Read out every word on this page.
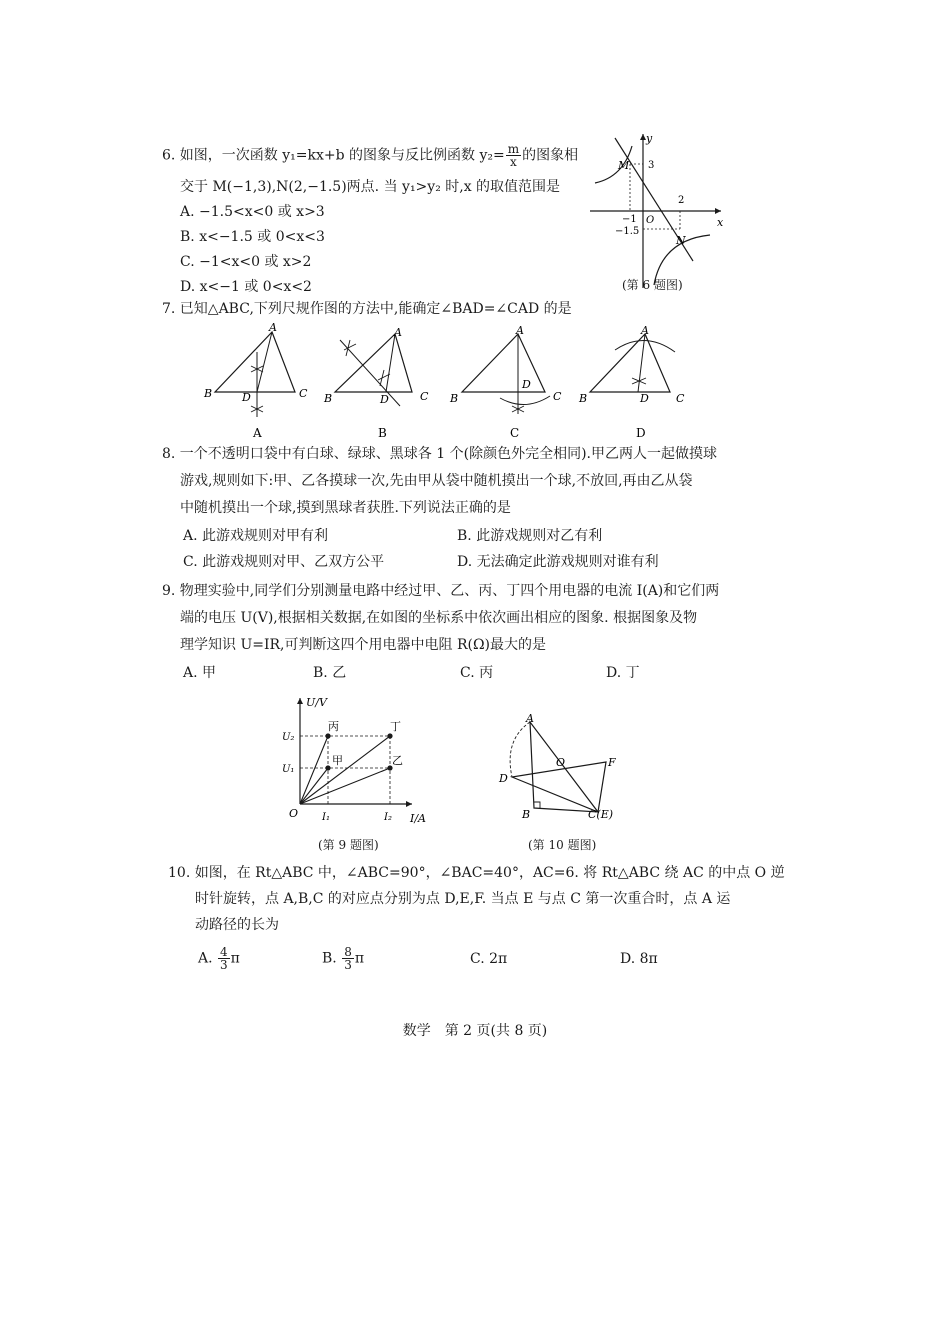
6. 如图，一次函数 y₁=kx+b 的图象与反比例函数 $y_2= \frac{m}{x}$ 的图象相
交于 M(−1,3),N(2,−1.5)两点. 当 y₁>y₂ 时,x 的取值范围是
A. −1.5<x<0 或 x>3
B. x<−1.5 或 0<x<3
C. −1<x<0 或 x>2
D. x<−1 或 0<x<2
y
x
O
M 3
2
−1
−1.5
N
(第 6 题图)
7. 已知△ABC,下列尺规作图的方法中,能确定∠BAD=∠CAD 的是
A
B	C
D
A
A
B	C
D
B
A
B	C
D
C
A
B	C
D
D
8. 一个不透明口袋中有白球、绿球、黑球各 1 个(除颜色外完全相同).甲乙两人一起做摸球
游戏,规则如下:甲、乙各摸球一次,先由甲从袋中随机摸出一个球,不放回,再由乙从袋
中随机摸出一个球,摸到黑球者获胜.下列说法正确的是
A. 此游戏规则对甲有利	B. 此游戏规则对乙有利
C. 此游戏规则对甲、乙双方公平	D. 无法确定此游戏规则对谁有利
9. 物理实验中,同学们分别测量电路中经过甲、乙、丙、丁四个用电器的电流 I(A)和它们两
端的电压 U(V),根据相关数据,在如图的坐标系中依次画出相应的图象. 根据图象及物
理学知识 U=IR,可判断这四个用电器中电阻 R(Ω)最大的是
A. 甲	B. 乙	C. 丙	D. 丁
U/V
I/A
O
U₂
U₁
I₁	I₂
丙	丁
甲	乙
(第 9 题图)
A
O	F
D
B	C(E)
(第 10 题图)
10. 如图，在 Rt△ABC 中，∠ABC=90°，∠BAC=40°，AC=6. 将 Rt△ABC 绕 AC 的中点 O 逆
时针旋转，点 A,B,C 的对应点分别为点 D,E,F. 当点 E 与点 C 第一次重合时，点 A 运
动路径的长为
A. $\frac{4}{3}$ π	B. $\frac{8}{3}$ π	C. 2π	D. 8π
数学　第 2 页(共 8 页)
